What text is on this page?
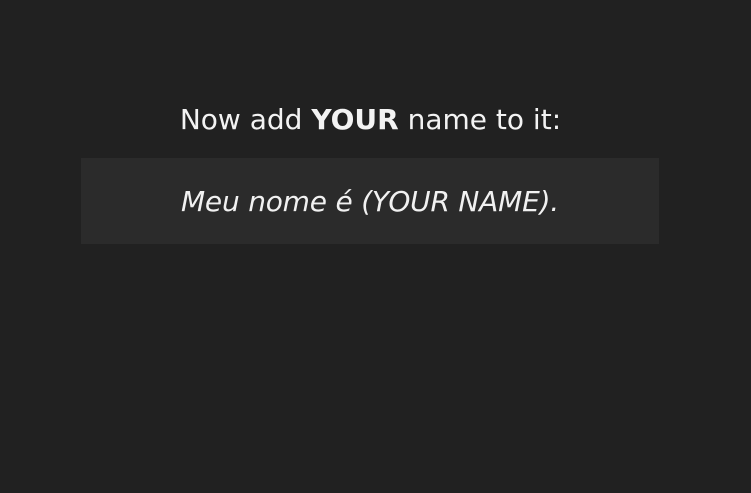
Now add YOUR name to it:
Meu nome é (YOUR NAME).
